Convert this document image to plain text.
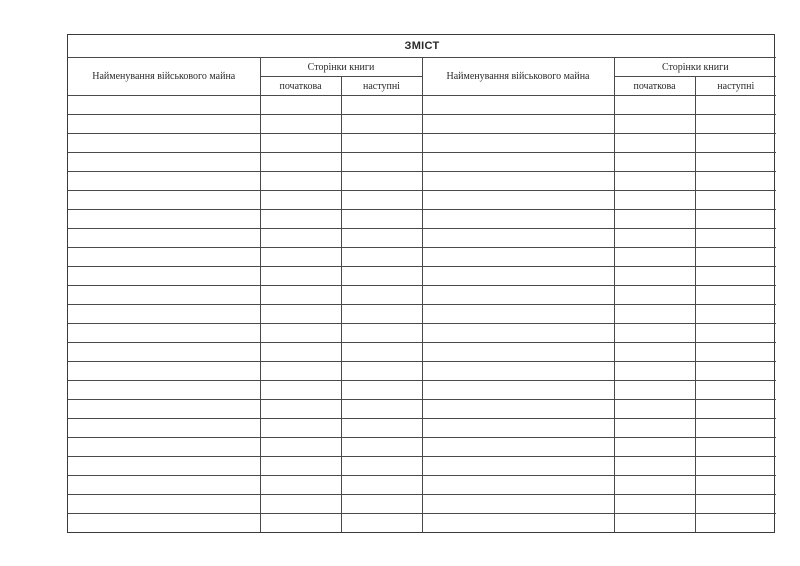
ЗМІСТ					
Найменування військового майна	Сторінки книги		Найменування військового майна	Сторінки книги	
	початкова	наступні		початкова	наступні
